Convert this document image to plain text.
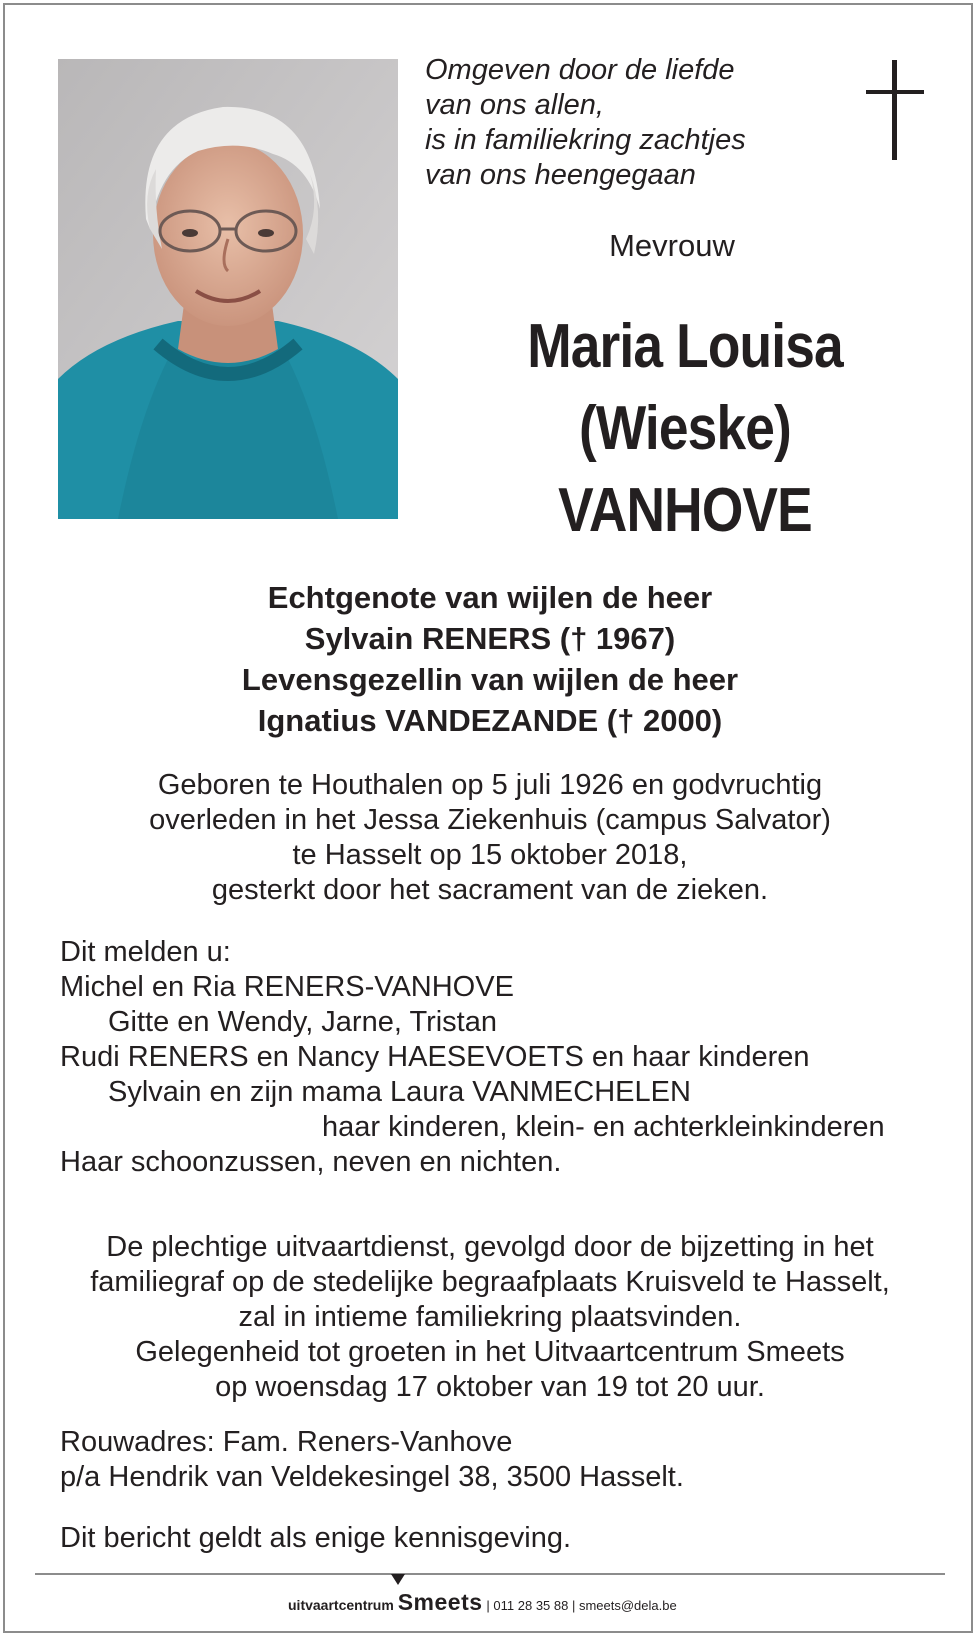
Omgeven door de liefde
van ons allen,
is in familiekring zachtjes
van ons heengegaan
Mevrouw
Maria Louisa
(Wieske)
VANHOVE
Echtgenote van wijlen de heer
Sylvain RENERS († 1967)
Levensgezellin van wijlen de heer
Ignatius VANDEZANDE († 2000)
Geboren te Houthalen op 5 juli 1926 en godvruchtig
overleden in het Jessa Ziekenhuis (campus Salvator)
te Hasselt op 15 oktober 2018,
gesterkt door het sacrament van de zieken.
Dit melden u:
Michel en Ria RENERS-VANHOVE
Gitte en Wendy, Jarne, Tristan
Rudi RENERS en Nancy HAESEVOETS en haar kinderen
Sylvain en zijn mama Laura VANMECHELEN
haar kinderen, klein- en achterkleinkinderen
Haar schoonzussen, neven en nichten.
De plechtige uitvaartdienst, gevolgd door de bijzetting in het
familiegraf op de stedelijke begraafplaats Kruisveld te Hasselt,
zal in intieme familiekring plaatsvinden.
Gelegenheid tot groeten in het Uitvaartcentrum Smeets
op woensdag 17 oktober van 19 tot 20 uur.
Rouwadres: Fam. Reners-Vanhove
p/a Hendrik van Veldekesingel 38, 3500 Hasselt.
Dit bericht geldt als enige kennisgeving.
uitvaartcentrum Smeets | 011 28 35 88 | smeets@dela.be
